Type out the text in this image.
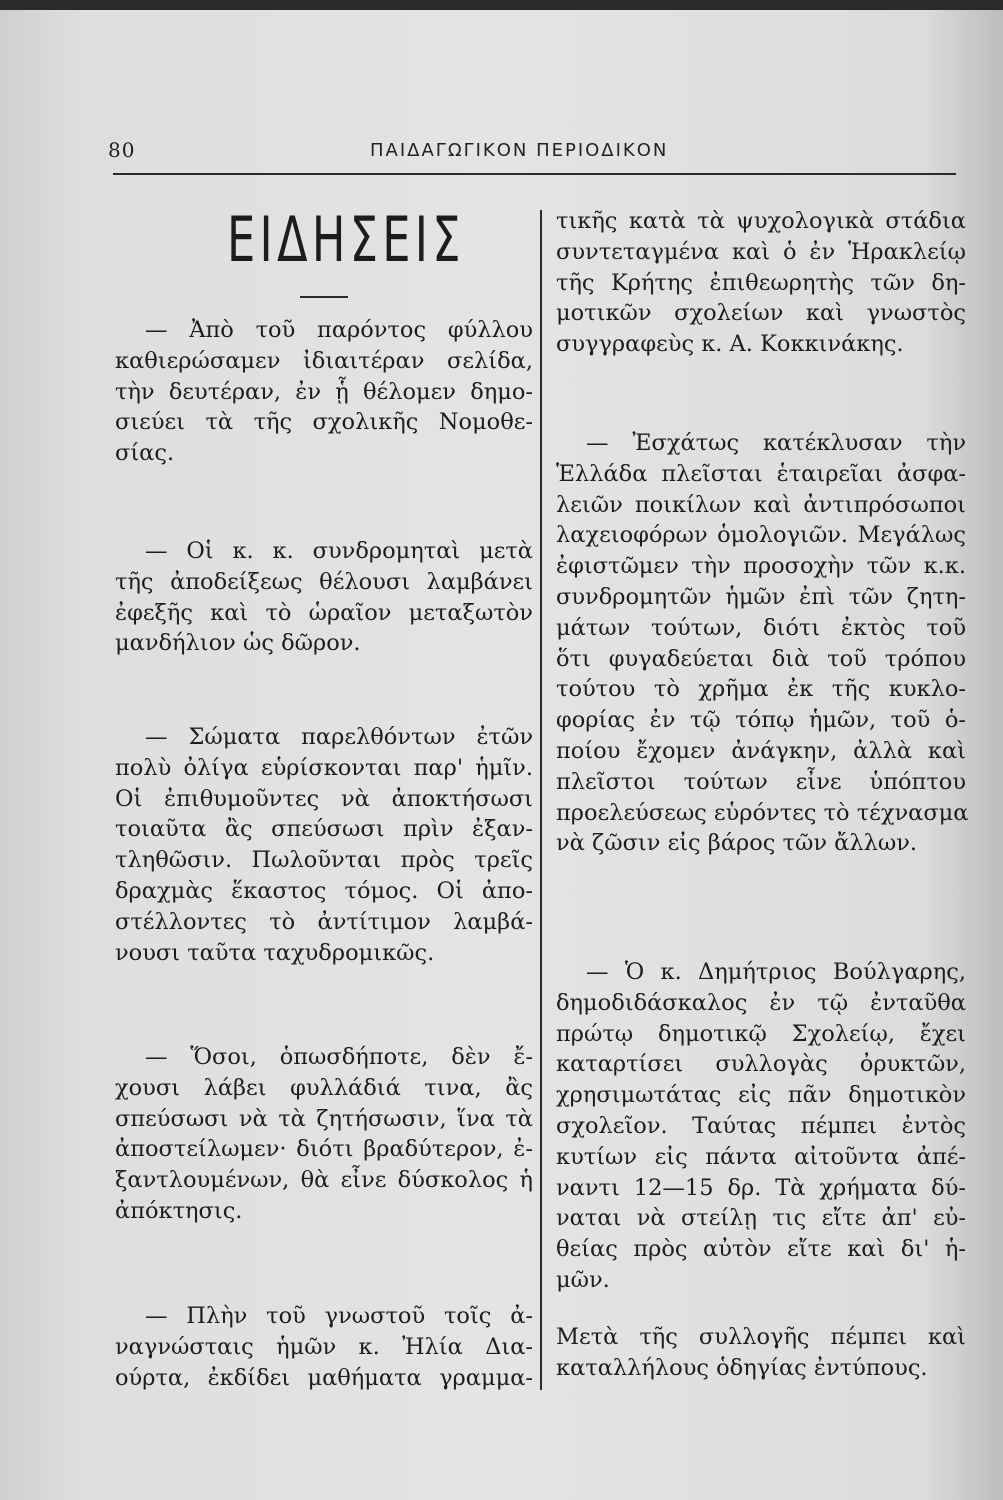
80	ΠΑΙΔΑΓΩΓΙΚΟΝ ΠΕΡΙΟΔΙΚΟΝ
ΕΙΔΗΣΕΙΣ
— Ἀπὸ τοῦ παρόντος φύλλου
καθιερώσαμεν ἰδιαιτέραν σελίδα,
τὴν δευτέραν, ἐν ᾗ θέλομεν δημο-
σιεύει τὰ τῆς σχολικῆς Νομοθε-
σίας.
— Οἱ κ. κ. συνδρομηταὶ μετὰ
τῆς ἀποδείξεως θέλουσι λαμβάνει
ἐφεξῆς καὶ τὸ ὡραῖον μεταξωτὸν
μανδήλιον ὡς δῶρον.
— Σώματα παρελθόντων ἐτῶν
πολὺ ὀλίγα εὑρίσκονται παρ' ἡμῖν.
Οἱ ἐπιθυμοῦντες νὰ ἀποκτήσωσι
τοιαῦτα ἂς σπεύσωσι πρὶν ἐξαν-
τληθῶσιν. Πωλοῦνται πρὸς τρεῖς
δραχμὰς ἕκαστος τόμος. Οἱ ἀπο-
στέλλοντες τὸ ἀντίτιμον λαμβά-
νουσι ταῦτα ταχυδρομικῶς.
— Ὅσοι, ὁπωσδήποτε, δὲν ἔ-
χουσι λάβει φυλλάδιά τινα, ἂς
σπεύσωσι νὰ τὰ ζητήσωσιν, ἵνα τὰ
ἀποστείλωμεν· διότι βραδύτερον, ἐ-
ξαντλουμένων, θὰ εἶνε δύσκολος ἡ
ἀπόκτησις.
— Πλὴν τοῦ γνωστοῦ τοῖς ἀ-
ναγνώσταις ἡμῶν κ. Ἠλία Δια-
ούρτα, ἐκδίδει μαθήματα γραμμα-
τικῆς κατὰ τὰ ψυχολογικὰ στάδια
συντεταγμένα καὶ ὁ ἐν Ἡρακλείῳ
τῆς Κρήτης ἐπιθεωρητὴς τῶν δη-
μοτικῶν σχολείων καὶ γνωστὸς
συγγραφεὺς κ. Α. Κοκκινάκης.
— Ἐσχάτως κατέκλυσαν τὴν
Ἑλλάδα πλεῖσται ἑταιρεῖαι ἀσφα-
λειῶν ποικίλων καὶ ἀντιπρόσωποι
λαχειοφόρων ὁμολογιῶν. Μεγάλως
ἐφιστῶμεν τὴν προσοχὴν τῶν κ.κ.
συνδρομητῶν ἡμῶν ἐπὶ τῶν ζητη-
μάτων τούτων, διότι ἐκτὸς τοῦ
ὅτι φυγαδεύεται διὰ τοῦ τρόπου
τούτου τὸ χρῆμα ἐκ τῆς κυκλο-
φορίας ἐν τῷ τόπῳ ἡμῶν, τοῦ ὁ-
ποίου ἔχομεν ἀνάγκην, ἀλλὰ καὶ
πλεῖστοι τούτων εἶνε ὑπόπτου
προελεύσεως εὑρόντες τὸ τέχνασμα
νὰ ζῶσιν εἰς βάρος τῶν ἄλλων.
— Ὁ κ. Δημήτριος Βούλγαρης,
δημοδιδάσκαλος ἐν τῷ ἐνταῦθα
πρώτῳ δημοτικῷ Σχολείῳ, ἔχει
καταρτίσει συλλογὰς ὀρυκτῶν,
χρησιμωτάτας εἰς πᾶν δημοτικὸν
σχολεῖον. Ταύτας πέμπει ἐντὸς
κυτίων εἰς πάντα αἰτοῦντα ἀπέ-
ναντι 12—15 δρ. Τὰ χρήματα δύ-
ναται νὰ στείλῃ τις εἴτε ἀπ' εὐ-
θείας πρὸς αὐτὸν εἴτε καὶ δι' ἡ-
μῶν.
Μετὰ τῆς συλλογῆς πέμπει καὶ
καταλλήλους ὁδηγίας ἐντύπους.
